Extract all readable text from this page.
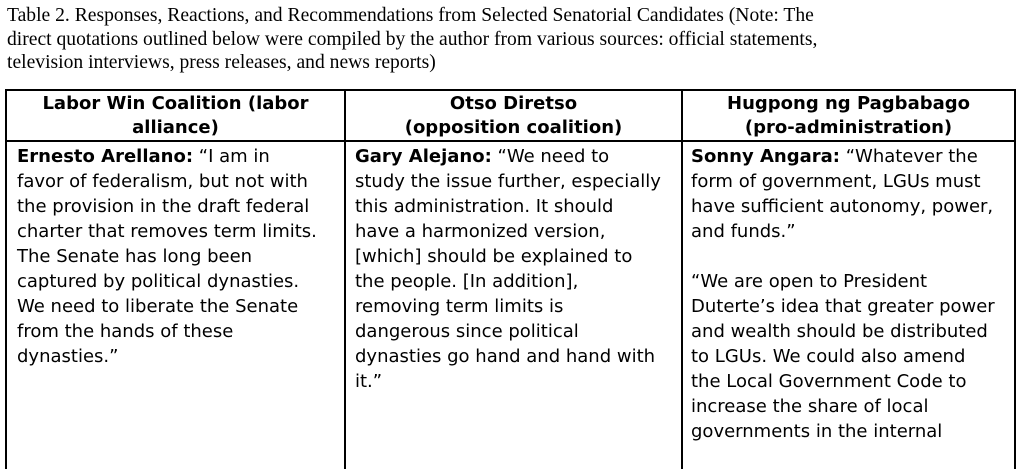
Table 2. Responses, Reactions, and Recommendations from Selected Senatorial Candidates (Note: The
direct quotations outlined below were compiled by the author from various sources: official statements,
television interviews, press releases, and news reports)
Labor Win Coalition (labor
alliance)
Otso Diretso
(opposition coalition)
Hugpong ng Pagbabago
(pro-administration)
Ernesto Arellano: “I am in
favor of federalism, but not with
the provision in the draft federal
charter that removes term limits.
The Senate has long been
captured by political dynasties.
We need to liberate the Senate
from the hands of these
dynasties.”
Gary Alejano: “We need to
study the issue further, especially
this administration. It should
have a harmonized version,
[which] should be explained to
the people. [In addition],
removing term limits is
dangerous since political
dynasties go hand and hand with
it.”
Sonny Angara: “Whatever the
form of government, LGUs must
have sufficient autonomy, power,
and funds.”
“We are open to President
Duterte’s idea that greater power
and wealth should be distributed
to LGUs. We could also amend
the Local Government Code to
increase the share of local
governments in the internal
